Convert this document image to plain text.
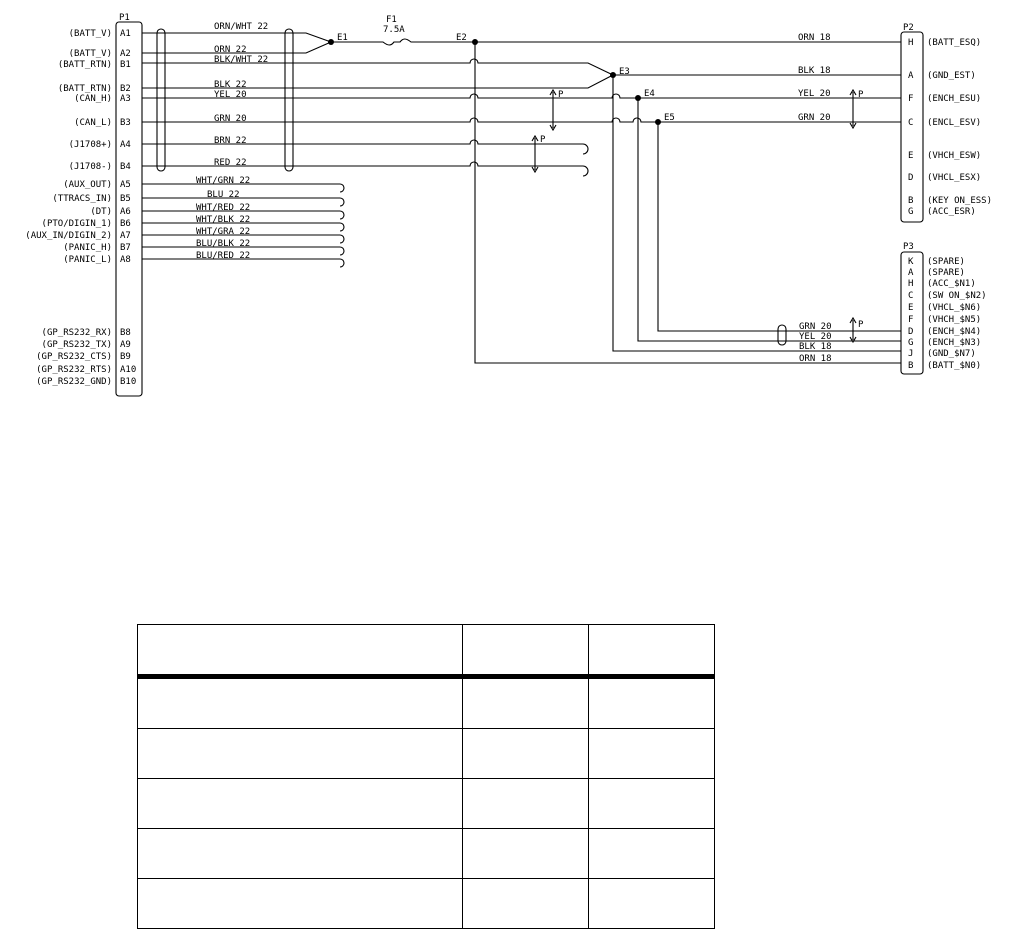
P1
(BATT_V) A1
(BATT_V) A2
(BATT_RTN) B1
(BATT_RTN) B2
(CAN_H) A3
(CAN_L) B3
(J1708+) A4
(J1708-) B4
(AUX_OUT) A5
(TTRACS_IN) B5
(DT) A6
(PTO/DIGIN_1) B6
(AUX_IN/DIGIN_2) A7
(PANIC_H) B7
(PANIC_L) A8
(GP_RS232_RX) B8
(GP_RS232_TX) A9
(GP_RS232_CTS) B9
(GP_RS232_RTS) A10
(GP_RS232_GND) B10
ORN/WHT 22
ORN 22
BLK/WHT 22
BLK 22
YEL 20
GRN 20
BRN 22
RED 22
WHT/GRN 22
BLU 22
WHT/RED 22
WHT/BLK 22
WHT/GRA 22
BLU/BLK 22
BLU/RED 22
F1
7.5A
E1	E2
E3
E4
E5
P
P
P
P
ORN 18
BLK 18
YEL 20
GRN 20
GRN 20
YEL 20
BLK 18
ORN 18
P2
H (BATT_ESQ)
A (GND_EST)
F (ENCH_ESU)
C (ENCL_ESV)
E (VHCH_ESW)
D (VHCL_ESX)
B (KEY ON_ESS)
G (ACC_ESR)
P3
K (SPARE)
A (SPARE)
H (ACC_$N1)
C (SW ON_$N2)
E (VHCL_$N6)
F (VHCH_$N5)
D (ENCH_$N4)
G (ENCH_$N3)
J (GND_$N7)
B (BATT_$N0)
